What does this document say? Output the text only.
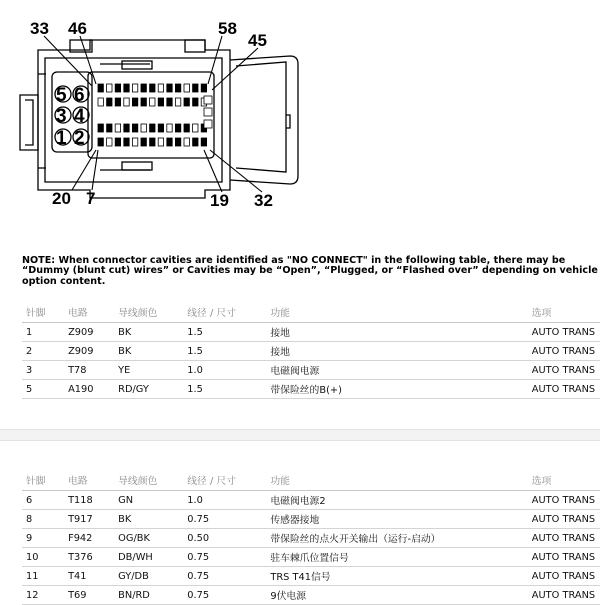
5 6
3 4
1 2
33 46	58
45
20 7	19 32
NOTE: When connector cavities are identified as "NO CONNECT" in the following table, there may be
“Dummy (blunt cut) wires” or Cavities may be “Open”, “Plugged, or “Flashed over” depending on vehicle
option content.
针脚	电路	导线颜色	线径 / 尺寸	功能	选项
1	Z909	BK	1.5	接地	AUTO TRANS
2	Z909	BK	1.5	接地	AUTO TRANS
3	T78	YE	1.0	电磁阀电源	AUTO TRANS
5	A190	RD/GY	1.5	带保险丝的B(+)	AUTO TRANS
针脚	电路	导线颜色	线径 / 尺寸	功能	选项
6	T118	GN	1.0	电磁阀电源2	AUTO TRANS
8	T917	BK	0.75	传感器接地	AUTO TRANS
9	F942	OG/BK	0.50	带保险丝的点火开关输出（运行-启动）	AUTO TRANS
10	T376	DB/WH	0.75	驻车棘爪位置信号	AUTO TRANS
11	T41	GY/DB	0.75	TRS T41信号	AUTO TRANS
12	T69	BN/RD	0.75	9伏电源	AUTO TRANS
